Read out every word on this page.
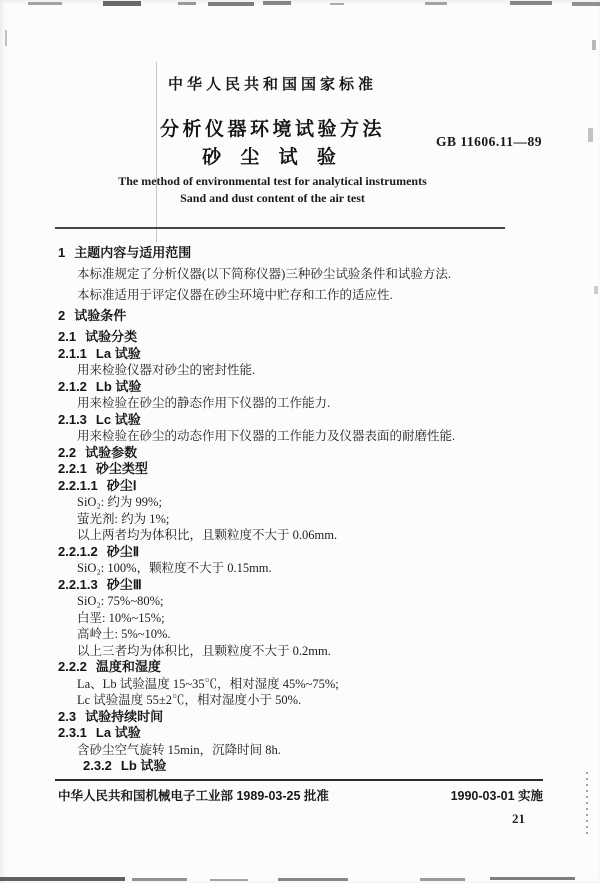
中华人民共和国国家标准
分析仪器环境试验方法
砂 尘 试 验
The method of environmental test for analytical instruments
Sand and dust content of the air test
GB 11606.11—89
1 主题内容与适用范围
本标准规定了分析仪器(以下简称仪器)三种砂尘试验条件和试验方法.
本标准适用于评定仪器在砂尘环境中贮存和工作的适应性.
2 试验条件
2.1 试验分类
2.1.1 La 试验
用来检验仪器对砂尘的密封性能.
2.1.2 Lb 试验
用来检验在砂尘的静态作用下仪器的工作能力.
2.1.3 Lc 试验
用来检验在砂尘的动态作用下仪器的工作能力及仪器表面的耐磨性能.
2.2 试验参数
2.2.1 砂尘类型
2.2.1.1 砂尘Ⅰ
SiO₂: 约为 99%;
萤光剂: 约为 1%;
以上两者均为体积比，且颗粒度不大于 0.06mm.
2.2.1.2 砂尘Ⅱ
SiO₂: 100%，颗粒度不大于 0.15mm.
2.2.1.3 砂尘Ⅲ
SiO₂: 75%~80%;
白垩: 10%~15%;
高岭土: 5%~10%.
以上三者均为体积比，且颗粒度不大于 0.2mm.
2.2.2 温度和湿度
La、Lb 试验温度 15~35℃，相对湿度 45%~75%;
Lc 试验温度 55±2℃，相对湿度小于 50%.
2.3 试验持续时间
2.3.1 La 试验
含砂尘空气旋转 15min，沉降时间 8h.
2.3.2 Lb 试验
中华人民共和国机械电子工业部 1989-03-25 批准	1990-03-01 实施
21
